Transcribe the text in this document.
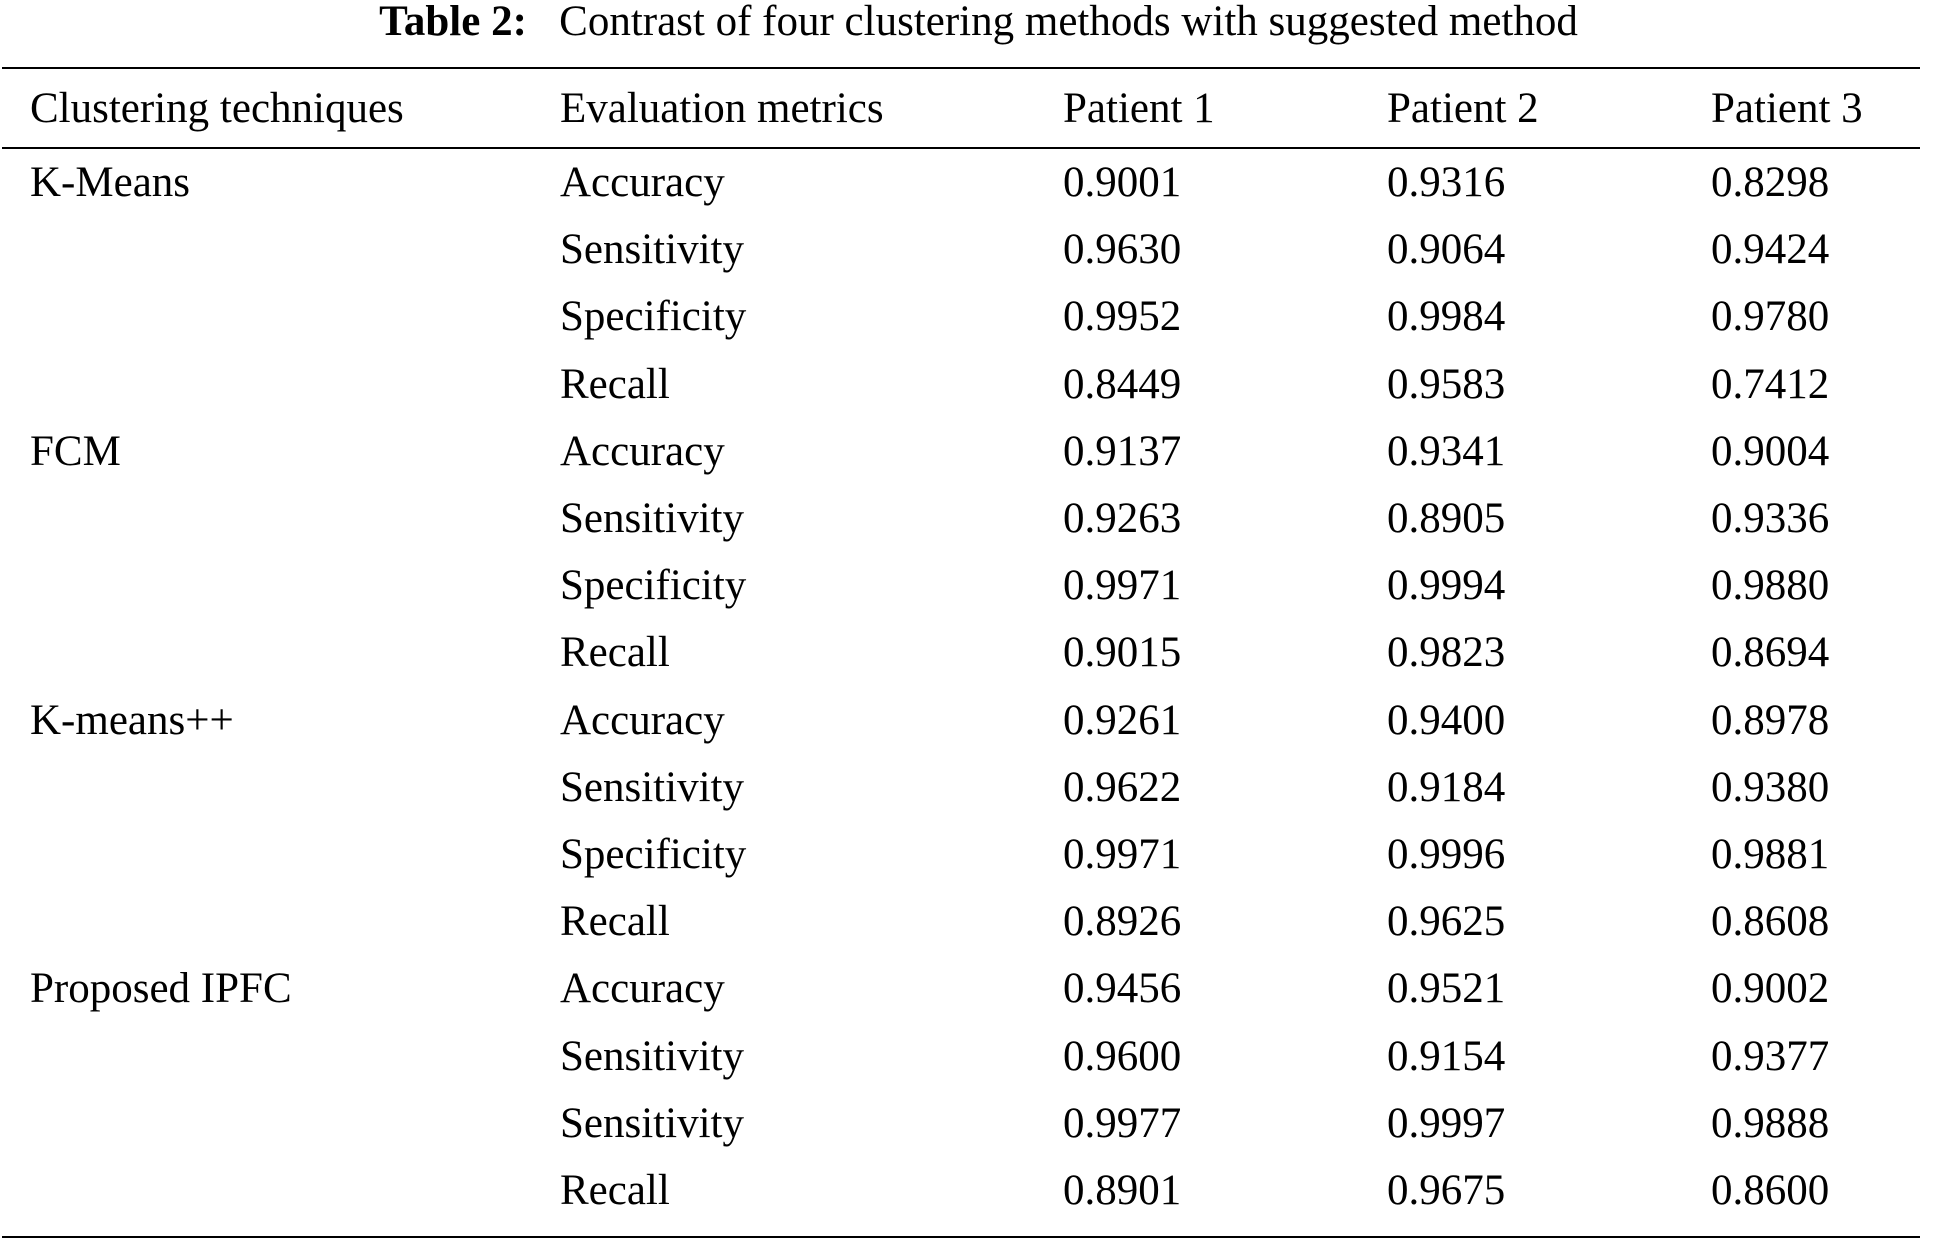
Table 2: Contrast of four clustering methods with suggested method
Clustering techniques	Evaluation metrics	Patient 1	Patient 2	Patient 3

K-Means	Accuracy	0.9001	0.9316	0.8298
	Sensitivity	0.9630	0.9064	0.9424
	Specificity	0.9952	0.9984	0.9780
	Recall	0.8449	0.9583	0.7412
FCM	Accuracy	0.9137	0.9341	0.9004
	Sensitivity	0.9263	0.8905	0.9336
	Specificity	0.9971	0.9994	0.9880
	Recall	0.9015	0.9823	0.8694
K-means++	Accuracy	0.9261	0.9400	0.8978
	Sensitivity	0.9622	0.9184	0.9380
	Specificity	0.9971	0.9996	0.9881
	Recall	0.8926	0.9625	0.8608
Proposed IPFC	Accuracy	0.9456	0.9521	0.9002
	Sensitivity	0.9600	0.9154	0.9377
	Sensitivity	0.9977	0.9997	0.9888
	Recall	0.8901	0.9675	0.8600
